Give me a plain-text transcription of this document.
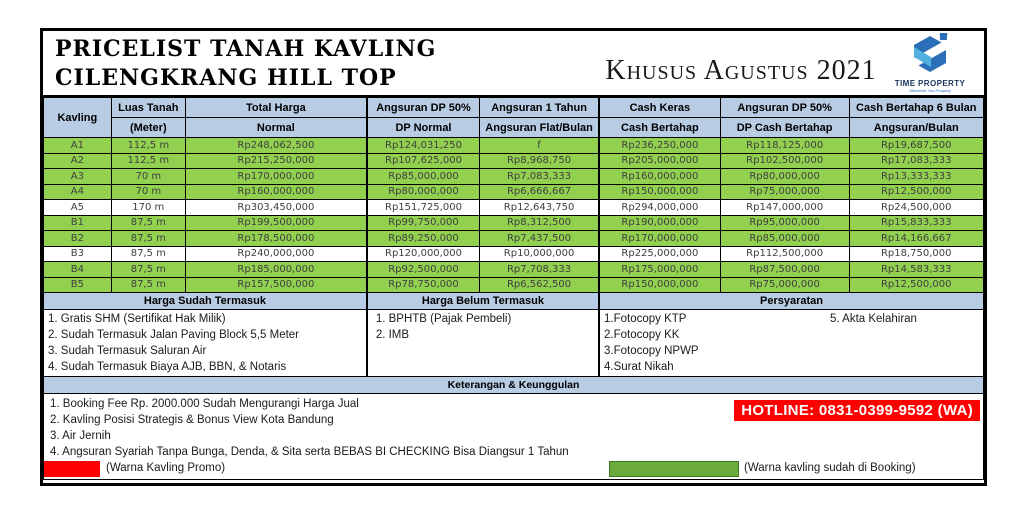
PRICELIST TANAH KAVLING
CILENGKRANG HILL TOP	Khusus Agustus 2021	TIME PROPERTY
Wherever You Property
Kavling	Luas Tanah	Total Harga	Angsuran DP 50%	Angsuran 1 Tahun	Cash Keras	Angsuran DP 50%	Cash Bertahap 6 Bulan
	(Meter)	Normal	DP Normal	Angsuran Flat/Bulan	Cash Bertahap	DP Cash Bertahap	Angsuran/Bulan
A1	112,5 m	Rp248,062,500	Rp124,031,250	f	Rp236,250,000	Rp118,125,000	Rp19,687,500
A2	112,5 m	Rp215,250,000	Rp107,625,000	Rp8,968,750	Rp205,000,000	Rp102,500,000	Rp17,083,333
A3	70 m	Rp170,000,000	Rp85,000,000	Rp7,083,333	Rp160,000,000	Rp80,000,000	Rp13,333,333
A4	70 m	Rp160,000,000	Rp80,000,000	Rp6,666,667	Rp150,000,000	Rp75,000,000	Rp12,500,000
A5	170 m	Rp303,450,000	Rp151,725,000	Rp12,643,750	Rp294,000,000	Rp147,000,000	Rp24,500,000
B1	87,5 m	Rp199,500,000	Rp99,750,000	Rp8,312,500	Rp190,000,000	Rp95,000,000	Rp15,833,333
B2	87,5 m	Rp178,500,000	Rp89,250,000	Rp7,437,500	Rp170,000,000	Rp85,000,000	Rp14,166,667
B3	87,5 m	Rp240,000,000	Rp120,000,000	Rp10,000,000	Rp225,000,000	Rp112,500,000	Rp18,750,000
B4	87,5 m	Rp185,000,000	Rp92,500,000	Rp7,708,333	Rp175,000,000	Rp87,500,000	Rp14,583,333
B5	87,5 m	Rp157,500,000	Rp78,750,000	Rp6,562,500	Rp150,000,000	Rp75,000,000	Rp12,500,000
Harga Sudah Termasuk			Harga Belum Termasuk		Persyaratan		

1. Gratis SHM (Sertifikat Hak Milik)
2. Sudah Termasuk Jalan Paving Block 5,5 Meter
3. Sudah Termasuk Saluran Air
4. Sudah Termasuk Biaya AJB, BBN, & Notaris

1. BPHTB (Pajak Pembeli)
2. IMB

1.Fotocopy KTP
2.Fotocopy KK
3.Fotocopy NPWP
4.Surat Nikah
5. Akta Kelahiran

Keterangan & Keunggulan							

1. Booking Fee Rp. 2000.000 Sudah Mengurangi Harga Jual
2. Kavling Posisi Strategis & Bonus View Kota Bandung
3. Air Jernih
4. Angsuran Syariah Tanpa Bunga, Denda, & Sita serta BEBAS BI CHECKING Bisa Diangsur 1 Tahun
HOTLINE: 0831-0399-9592 (WA)
(Warna Kavling Promo)	(Warna kavling sudah di Booking)
